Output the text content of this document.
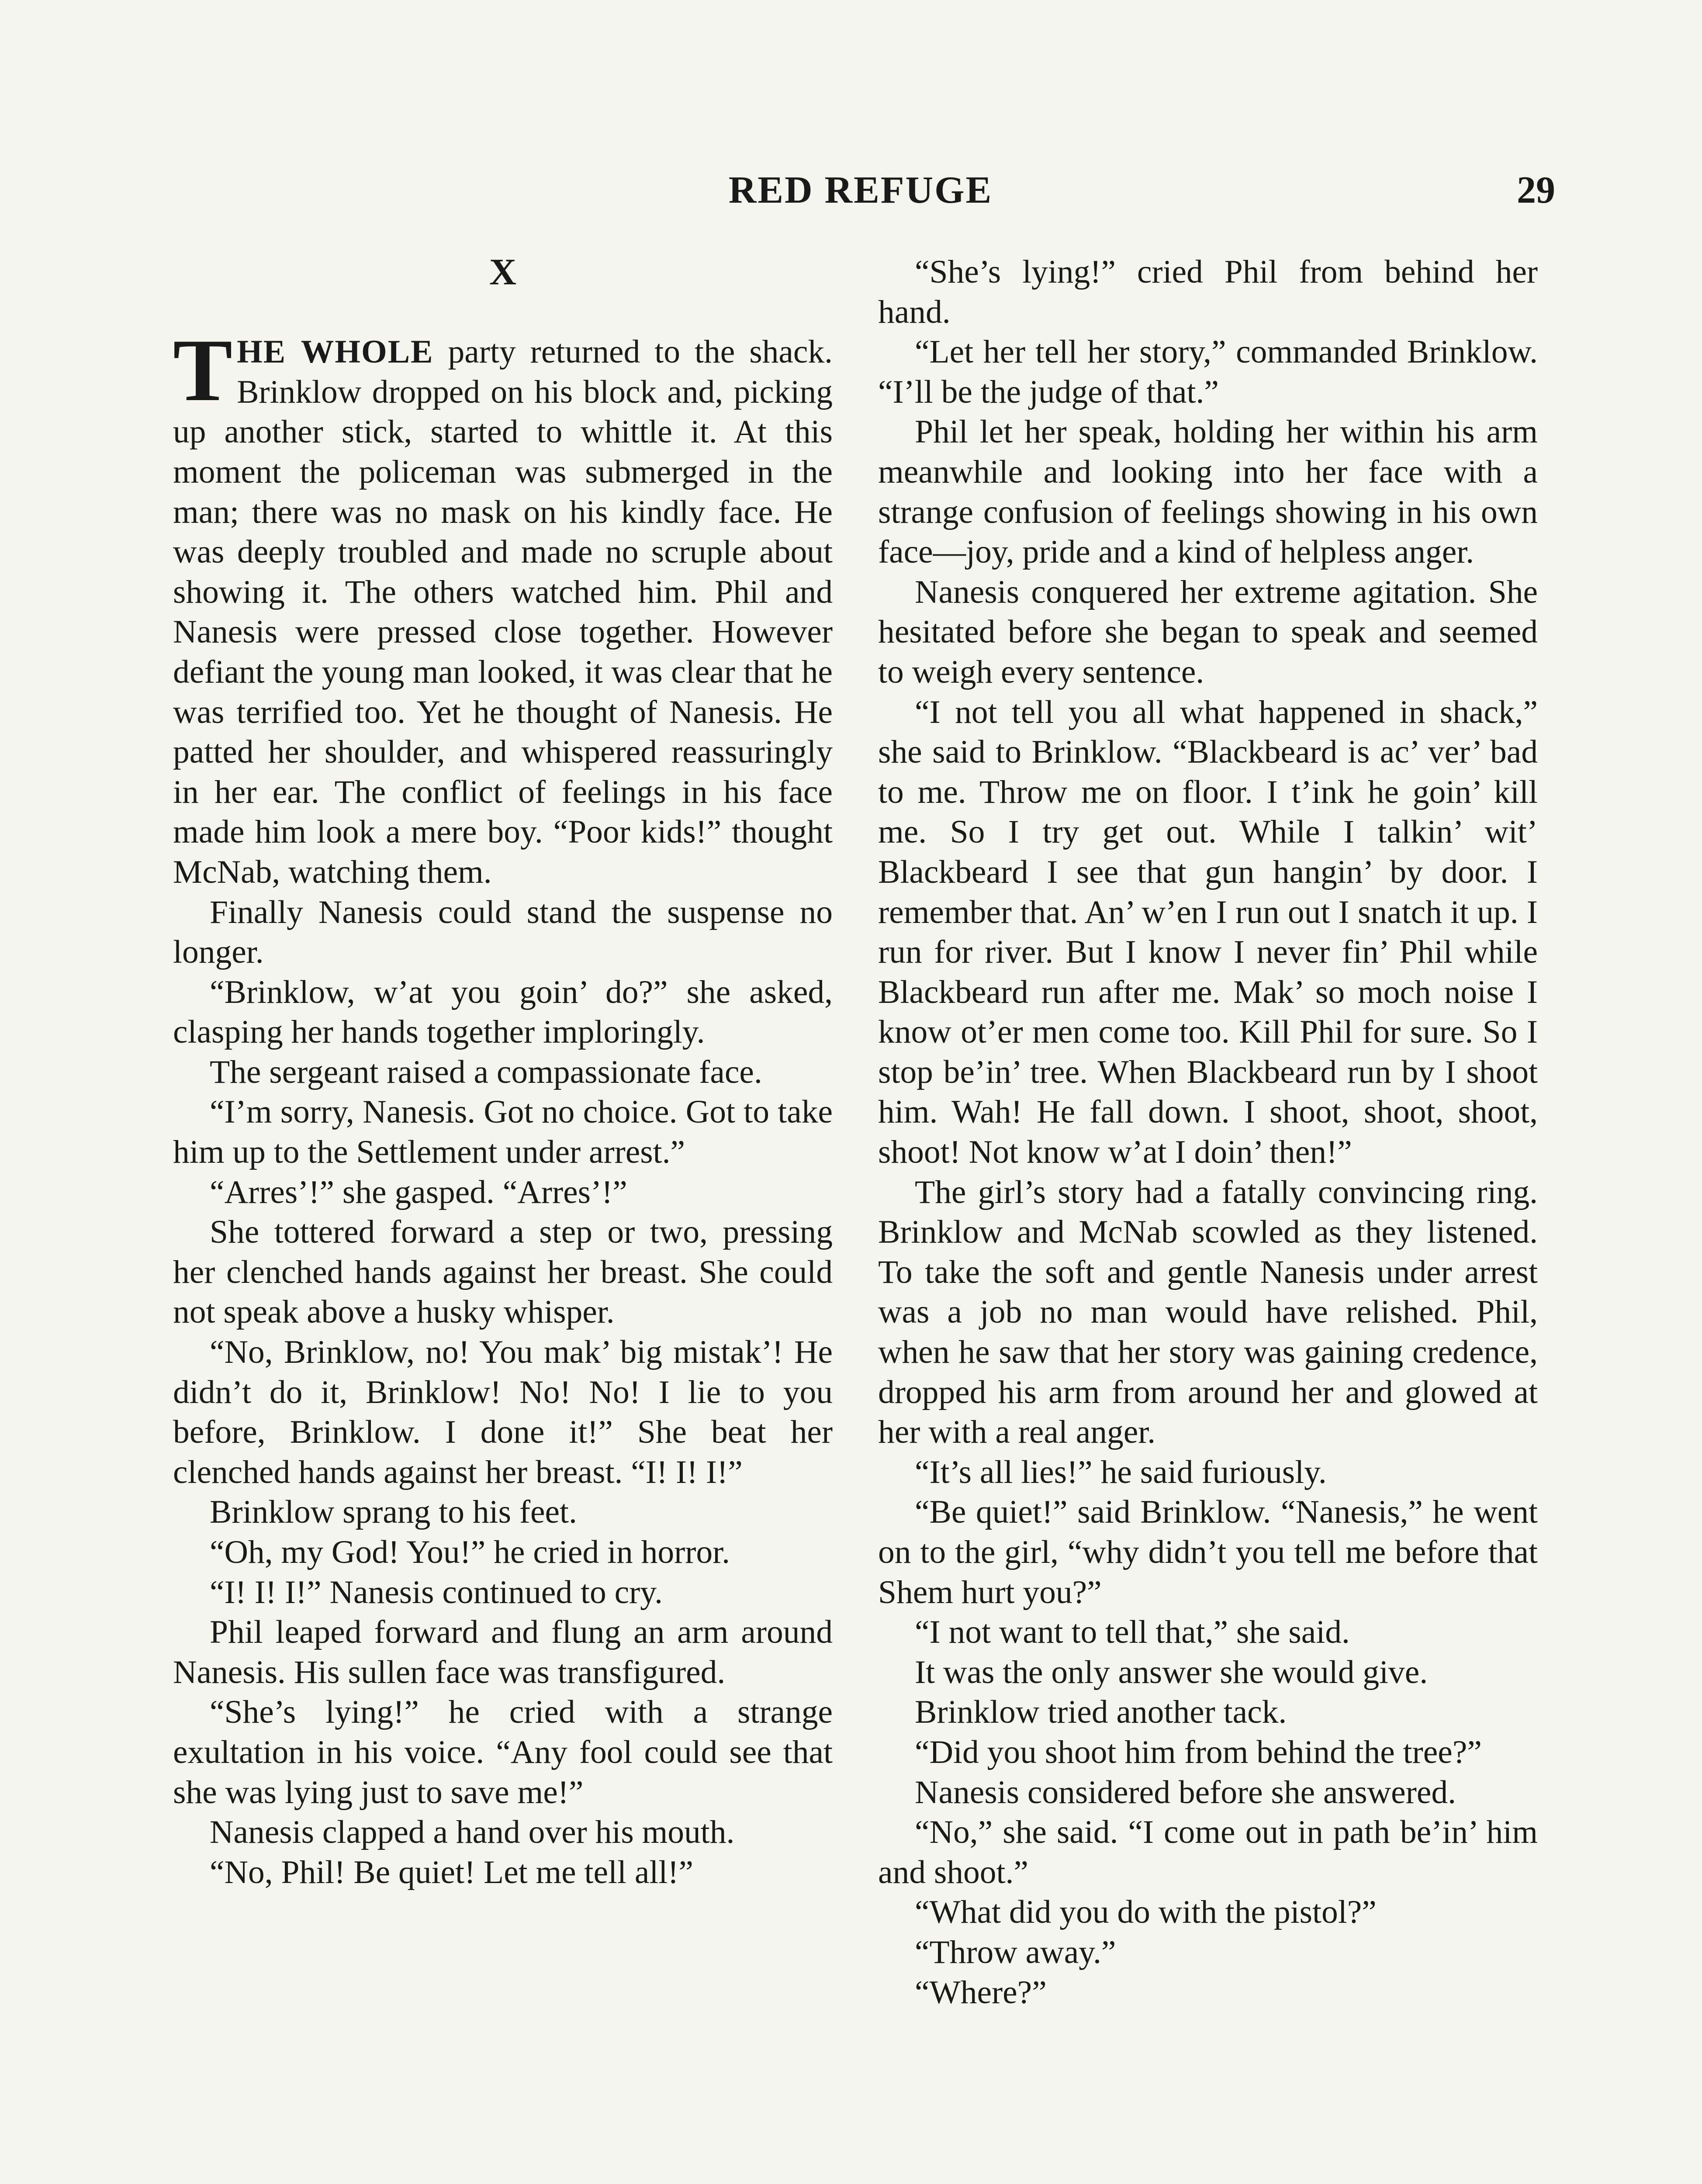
RED REFUGE	29
X

THE WHOLE party returned to the shack. Brinklow dropped on his block and, picking up another stick, started to whittle it. At this moment the policeman was submerged in the man; there was no mask on his kindly face. He was deeply troubled and made no scruple about showing it. The others watched him. Phil and Nanesis were pressed close together. However defiant the young man looked, it was clear that he was terrified too. Yet he thought of Nanesis. He patted her shoulder, and whispered reassuringly in her ear. The conflict of feelings in his face made him look a mere boy. “Poor kids!” thought McNab, watching them.

Finally Nanesis could stand the suspense no longer.

“Brinklow, w’at you goin’ do?” she asked, clasping her hands together imploringly.

The sergeant raised a compassionate face.

“I’m sorry, Nanesis. Got no choice. Got to take him up to the Settlement under arrest.”

“Arres’!” she gasped. “Arres’!”

She tottered forward a step or two, pressing her clenched hands against her breast. She could not speak above a husky whisper.

“No, Brinklow, no! You mak’ big mistak’! He didn’t do it, Brinklow! No! No! I lie to you before, Brinklow. I done it!” She beat her clenched hands against her breast. “I! I! I!”

Brinklow sprang to his feet.

“Oh, my God! You!” he cried in horror.

“I! I! I!” Nanesis continued to cry.

Phil leaped forward and flung an arm around Nanesis. His sullen face was transfigured.

“She’s lying!” he cried with a strange exultation in his voice. “Any fool could see that she was lying just to save me!”

Nanesis clapped a hand over his mouth.

“No, Phil! Be quiet! Let me tell all!”

“She’s lying!” cried Phil from behind her hand.

“Let her tell her story,” commanded Brinklow. “I’ll be the judge of that.”

Phil let her speak, holding her within his arm meanwhile and looking into her face with a strange confusion of feelings showing in his own face—joy, pride and a kind of helpless anger.

Nanesis conquered her extreme agitation. She hesitated before she began to speak and seemed to weigh every sentence.

“I not tell you all what happened in shack,” she said to Brinklow. “Blackbeard is ac’ ver’ bad to me. Throw me on floor. I t’ink he goin’ kill me. So I try get out. While I talkin’ wit’ Blackbeard I see that gun hangin’ by door. I remember that. An’ w’en I run out I snatch it up. I run for river. But I know I never fin’ Phil while Blackbeard run after me. Mak’ so moch noise I know ot’er men come too. Kill Phil for sure. So I stop be’in’ tree. When Blackbeard run by I shoot him. Wah! He fall down. I shoot, shoot, shoot, shoot! Not know w’at I doin’ then!”

The girl’s story had a fatally convincing ring. Brinklow and McNab scowled as they listened. To take the soft and gentle Nanesis under arrest was a job no man would have relished. Phil, when he saw that her story was gaining credence, dropped his arm from around her and glowed at her with a real anger.

“It’s all lies!” he said furiously.

“Be quiet!” said Brinklow. “Nanesis,” he went on to the girl, “why didn’t you tell me before that Shem hurt you?”

“I not want to tell that,” she said.

It was the only answer she would give.

Brinklow tried another tack.

“Did you shoot him from behind the tree?”

Nanesis considered before she answered.

“No,” she said. “I come out in path be’in’ him and shoot.”

“What did you do with the pistol?”

“Throw away.”

“Where?”
